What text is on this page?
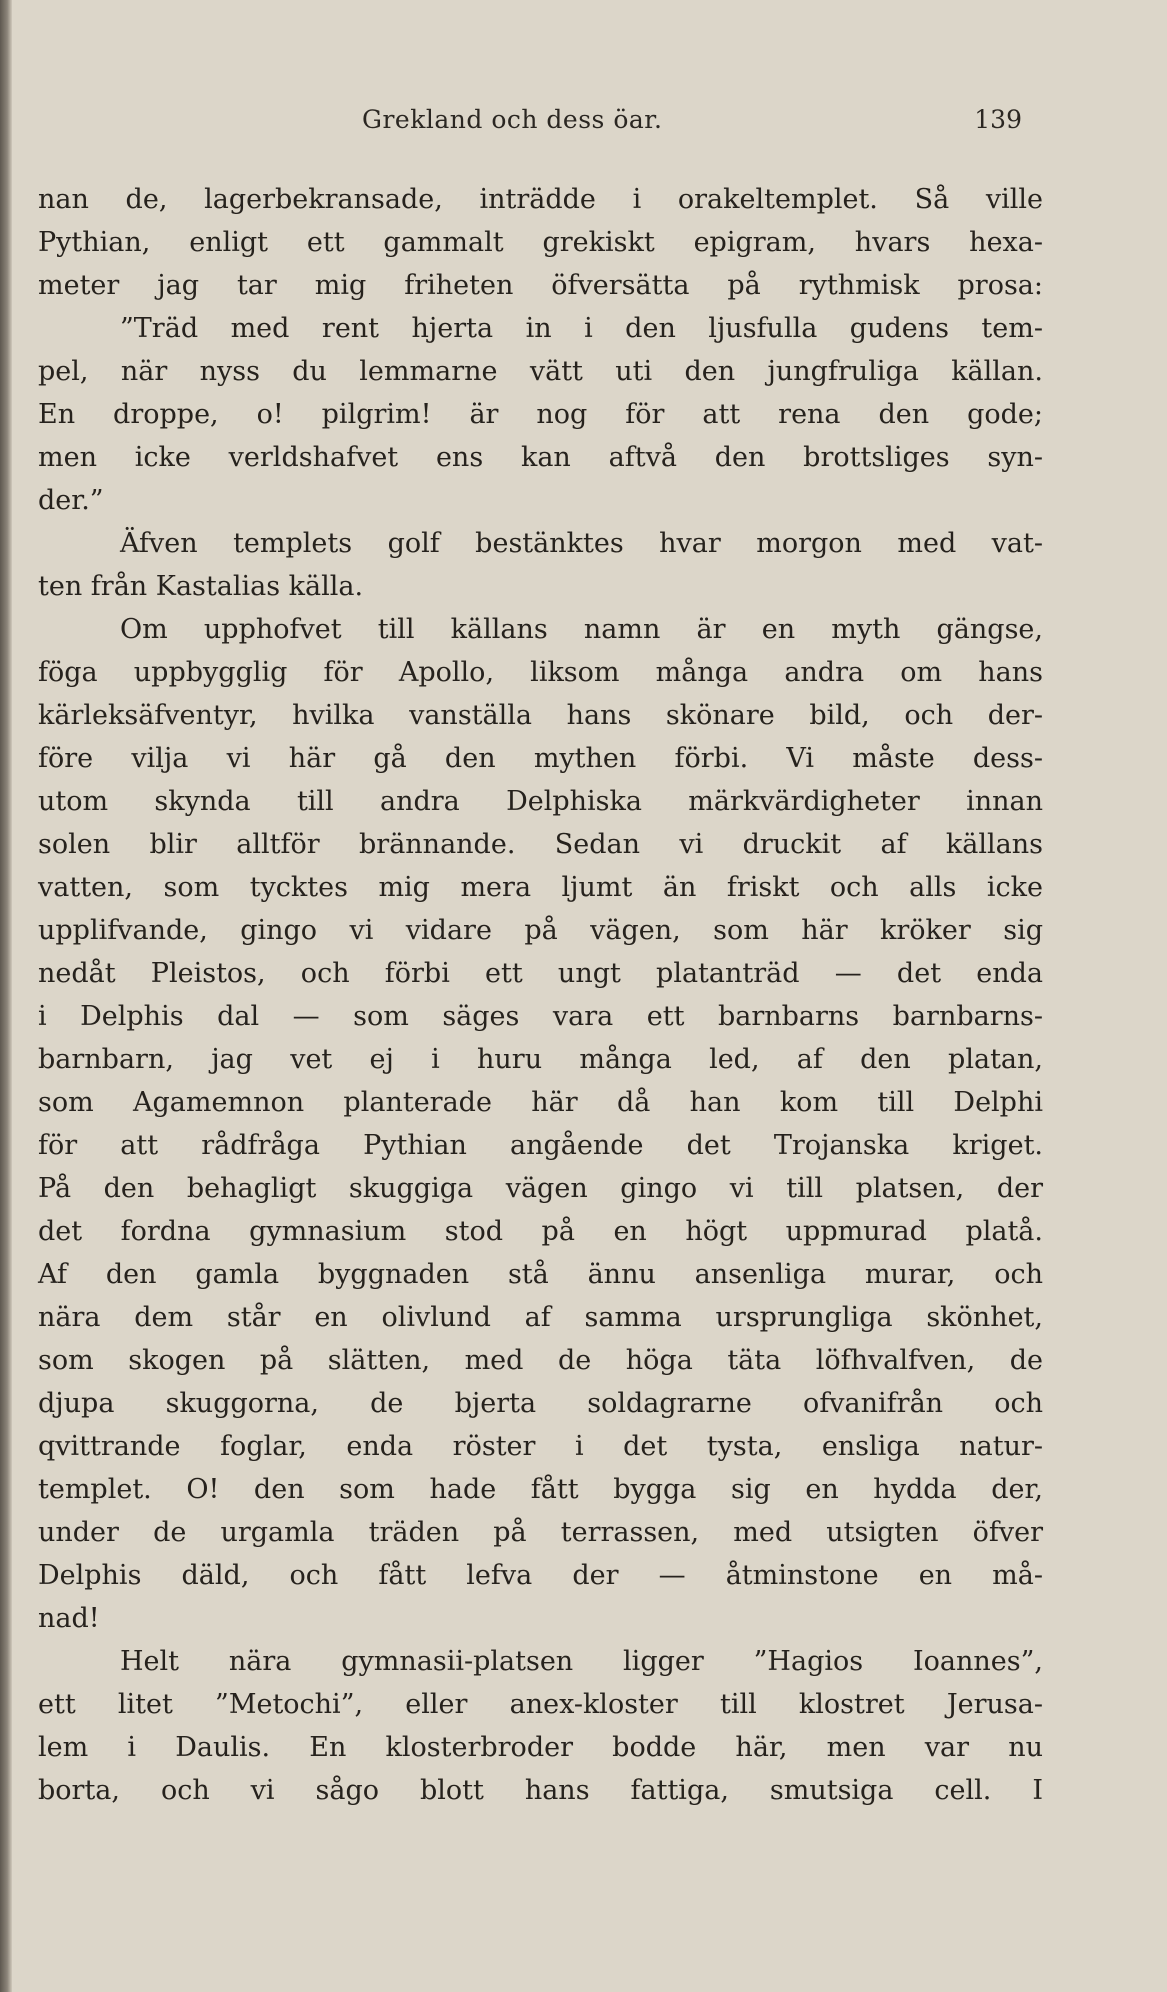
Grekland och dess öar.	139
nan de, lagerbekransade, inträdde i orakeltemplet. Så ville
Pythian, enligt ett gammalt grekiskt epigram, hvars hexa-
meter jag tar mig friheten öfversätta på rythmisk prosa:
”Träd med rent hjerta in i den ljusfulla gudens tem-
pel, när nyss du lemmarne vätt uti den jungfruliga källan.
En droppe, o! pilgrim! är nog för att rena den gode;
men icke verldshafvet ens kan aftvå den brottsliges syn-
der.”
Äfven templets golf bestänktes hvar morgon med vat-
ten från Kastalias källa.
Om upphofvet till källans namn är en myth gängse,
föga uppbygglig för Apollo, liksom många andra om hans
kärleksäfventyr, hvilka vanställa hans skönare bild, och der-
före vilja vi här gå den mythen förbi. Vi måste dess-
utom skynda till andra Delphiska märkvärdigheter innan
solen blir alltför brännande. Sedan vi druckit af källans
vatten, som tycktes mig mera ljumt än friskt och alls icke
upplifvande, gingo vi vidare på vägen, som här kröker sig
nedåt Pleistos, och förbi ett ungt platanträd — det enda
i Delphis dal — som säges vara ett barnbarns barnbarns-
barnbarn, jag vet ej i huru många led, af den platan,
som Agamemnon planterade här då han kom till Delphi
för att rådfråga Pythian angående det Trojanska kriget.
På den behagligt skuggiga vägen gingo vi till platsen, der
det fordna gymnasium stod på en högt uppmurad platå.
Af den gamla byggnaden stå ännu ansenliga murar, och
nära dem står en olivlund af samma ursprungliga skönhet,
som skogen på slätten, med de höga täta löfhvalfven, de
djupa skuggorna, de bjerta soldagrarne ofvanifrån och
qvittrande foglar, enda röster i det tysta, ensliga natur-
templet. O! den som hade fått bygga sig en hydda der,
under de urgamla träden på terrassen, med utsigten öfver
Delphis däld, och fått lefva der — åtminstone en må-
nad!
Helt nära gymnasii-platsen ligger ”Hagios Ioannes”,
ett litet ”Metochi”, eller anex-kloster till klostret Jerusa-
lem i Daulis. En klosterbroder bodde här, men var nu
borta, och vi sågo blott hans fattiga, smutsiga cell. I
